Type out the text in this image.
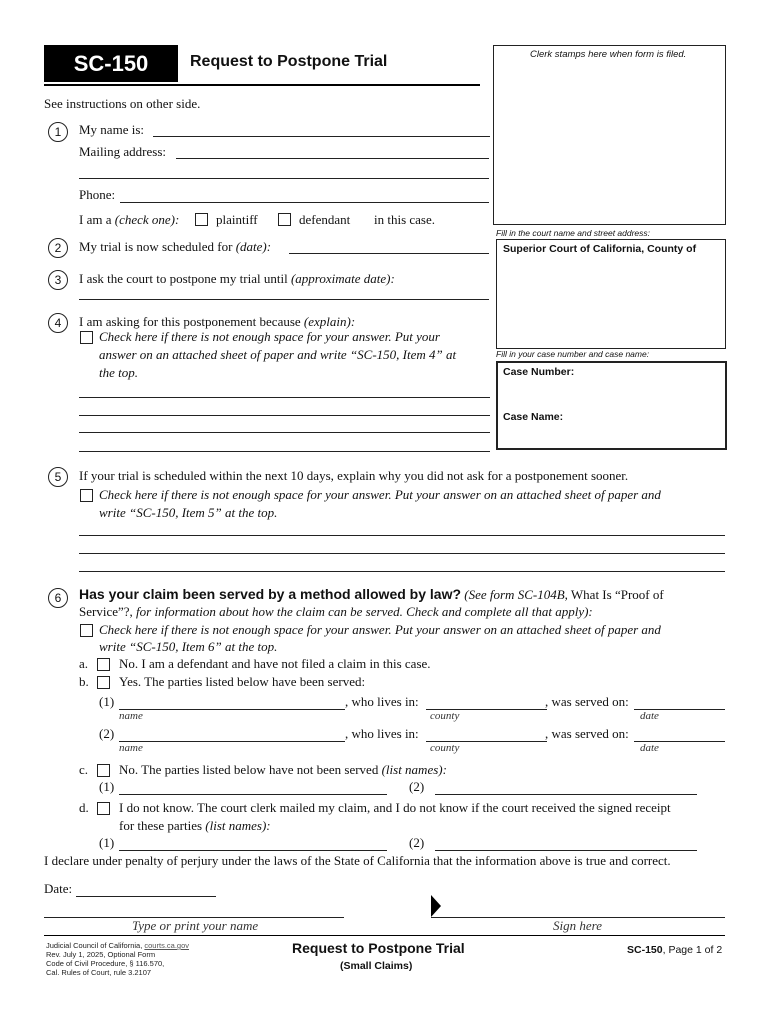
SC-150	Request to Postpone Trial	Clerk stamps here when form is filed.
Fill in the court name and street address:
Superior Court of California, County of
Fill in your case number and case name:
Case Number:
Case Name:
See instructions on other side.
1	My name is:
Mailing address:
Phone:
I am a (check one):	plaintiff	defendant in this case.
2	My trial is now scheduled for (date):
3	I ask the court to postpone my trial until (approximate date):
4	I am asking for this postponement because (explain):
Check here if there is not enough space for your answer. Put your
answer on an attached sheet of paper and write “SC-150, Item 4” at
the top.
5	If your trial is scheduled within the next 10 days, explain why you did not ask for a postponement sooner.
Check here if there is not enough space for your answer. Put your answer on an attached sheet of paper and
write “SC-150, Item 5” at the top.
6	Has your claim been served by a method allowed by law? (See form SC-104B, What Is “Proof of
Service”?, for information about how the claim can be served. Check and complete all that apply):
Check here if there is not enough space for your answer. Put your answer on an attached sheet of paper and
write “SC-150, Item 6” at the top.
a. No. I am a defendant and have not filed a claim in this case.
b. Yes. The parties listed below have been served:
(1)	, who lives in:	, was served on:
name	county	date
(2)	, who lives in:	, was served on:
name	county	date
c. No. The parties listed below have not been served (list names):
(1)	(2)
d. I do not know. The court clerk mailed my claim, and I do not know if the court received the signed receipt
for these parties (list names):
(1)	(2)
I declare under penalty of perjury under the laws of the State of California that the information above is true and correct.
Date:
Type or print your name	Sign here
Judicial Council of California, courts.ca.gov
Rev. July 1, 2025, Optional Form
Code of Civil Procedure, § 116.570,
Cal. Rules of Court, rule 3.2107
Request to Postpone Trial
(Small Claims)
SC-150, Page 1 of 2
